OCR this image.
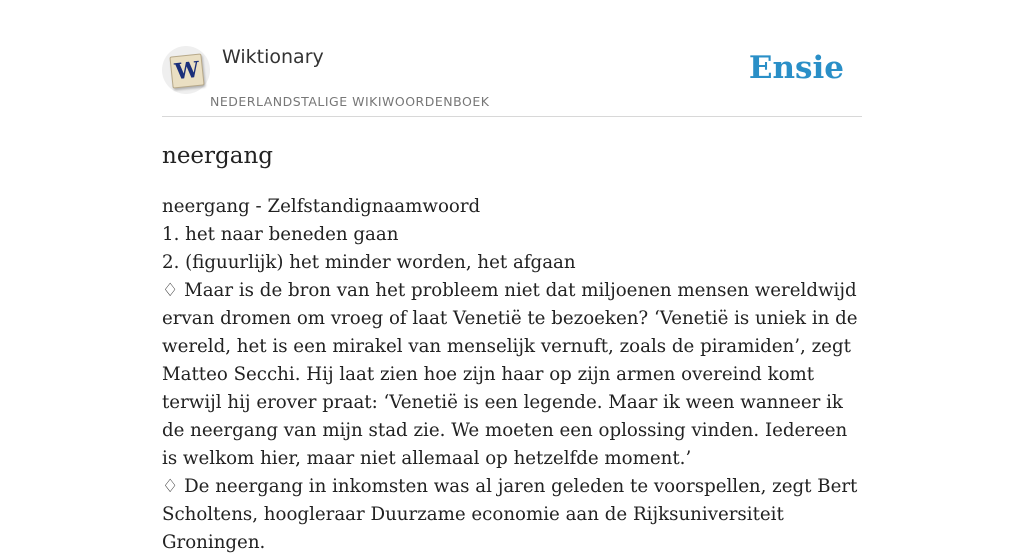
W Wiktionary
NEDERLANDSTALIGE WIKIWOORDENBOEK
Ensie
neergang
neergang - Zelfstandignaamwoord
1. het naar beneden gaan
2. (figuurlijk) het minder worden, het afgaan
♢ Maar is de bron van het probleem niet dat miljoenen mensen wereldwijd ervan dromen om vroeg of laat Venetië te bezoeken? ‘Venetië is uniek in de wereld, het is een mirakel van menselijk vernuft, zoals de piramiden’, zegt Matteo Secchi. Hij laat zien hoe zijn haar op zijn armen overeind komt terwijl hij erover praat: ‘Venetië is een legende. Maar ik ween wanneer ik de neergang van mijn stad zie. We moeten een oplossing vinden. Iedereen is welkom hier, maar niet allemaal op hetzelfde moment.’
♢ De neergang in inkomsten was al jaren geleden te voorspellen, zegt Bert Scholtens, hoogleraar Duurzame economie aan de Rijksuniversiteit Groningen.
